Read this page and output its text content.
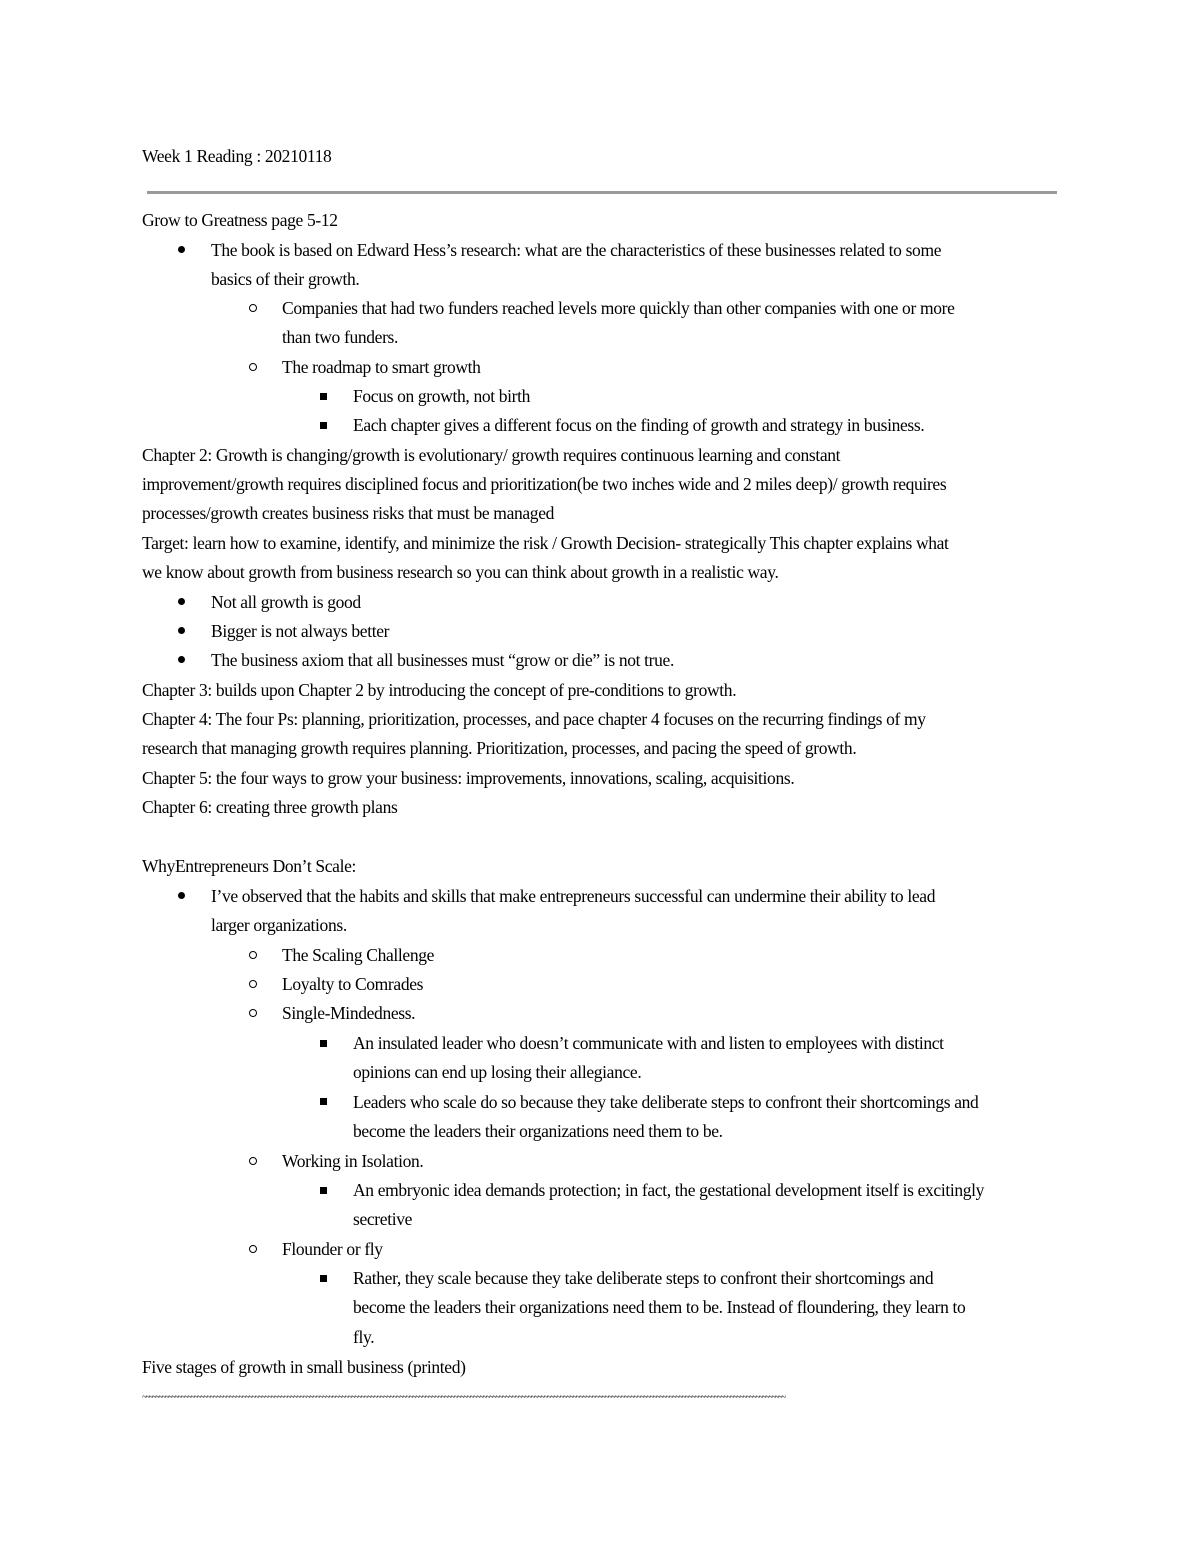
Week 1 Reading : 20210118
Grow to Greatness page 5-12
The book is based on Edward Hess’s research: what are the characteristics of these businesses related to some
basics of their growth.
Companies that had two funders reached levels more quickly than other companies with one or more
than two funders.
The roadmap to smart growth
Focus on growth, not birth
Each chapter gives a different focus on the finding of growth and strategy in business.
Chapter 2: Growth is changing/growth is evolutionary/ growth requires continuous learning and constant
improvement/growth requires disciplined focus and prioritization(be two inches wide and 2 miles deep)/ growth requires
processes/growth creates business risks that must be managed
Target: learn how to examine, identify, and minimize the risk / Growth Decision- strategically This chapter explains what
we know about growth from business research so you can think about growth in a realistic way.
Not all growth is good
Bigger is not always better
The business axiom that all businesses must “grow or die” is not true.
Chapter 3: builds upon Chapter 2 by introducing the concept of pre-conditions to growth.
Chapter 4: The four Ps: planning, prioritization, processes, and pace chapter 4 focuses on the recurring findings of my
research that managing growth requires planning. Prioritization, processes, and pacing the speed of growth.
Chapter 5: the four ways to grow your business: improvements, innovations, scaling, acquisitions.
Chapter 6: creating three growth plans
WhyEntrepreneurs Don’t Scale:
I’ve observed that the habits and skills that make entrepreneurs successful can undermine their ability to lead
larger organizations.
The Scaling Challenge
Loyalty to Comrades
Single-Mindedness.
An insulated leader who doesn’t communicate with and listen to employees with distinct
opinions can end up losing their allegiance.
Leaders who scale do so because they take deliberate steps to confront their shortcomings and
become the leaders their organizations need them to be.
Working in Isolation.
An embryonic idea demands protection; in fact, the gestational development itself is excitingly
secretive
Flounder or fly
Rather, they scale because they take deliberate steps to confront their shortcomings and
become the leaders their organizations need them to be. Instead of floundering, they learn to
fly.
Five stages of growth in small business (printed)
~~~~~~~~~~~~~~~~~~~~~~~~~~~~~~~~~~~~~~~~~~~~~~~~~~~~~~~~~~~~~~~~~~~~~~~~~~~~~~~~~~~~~~~~~~~~~~~~~~~~~~~~~~~~~~~~~~~~~~~~~~~~~~~~~~~~~~~~~~~~~~~~~~~~~~~~~~~~~~~~~~~~~~~~~~~~~~~~~~~~~~~~~~~~~~~~~~~~~~~~
